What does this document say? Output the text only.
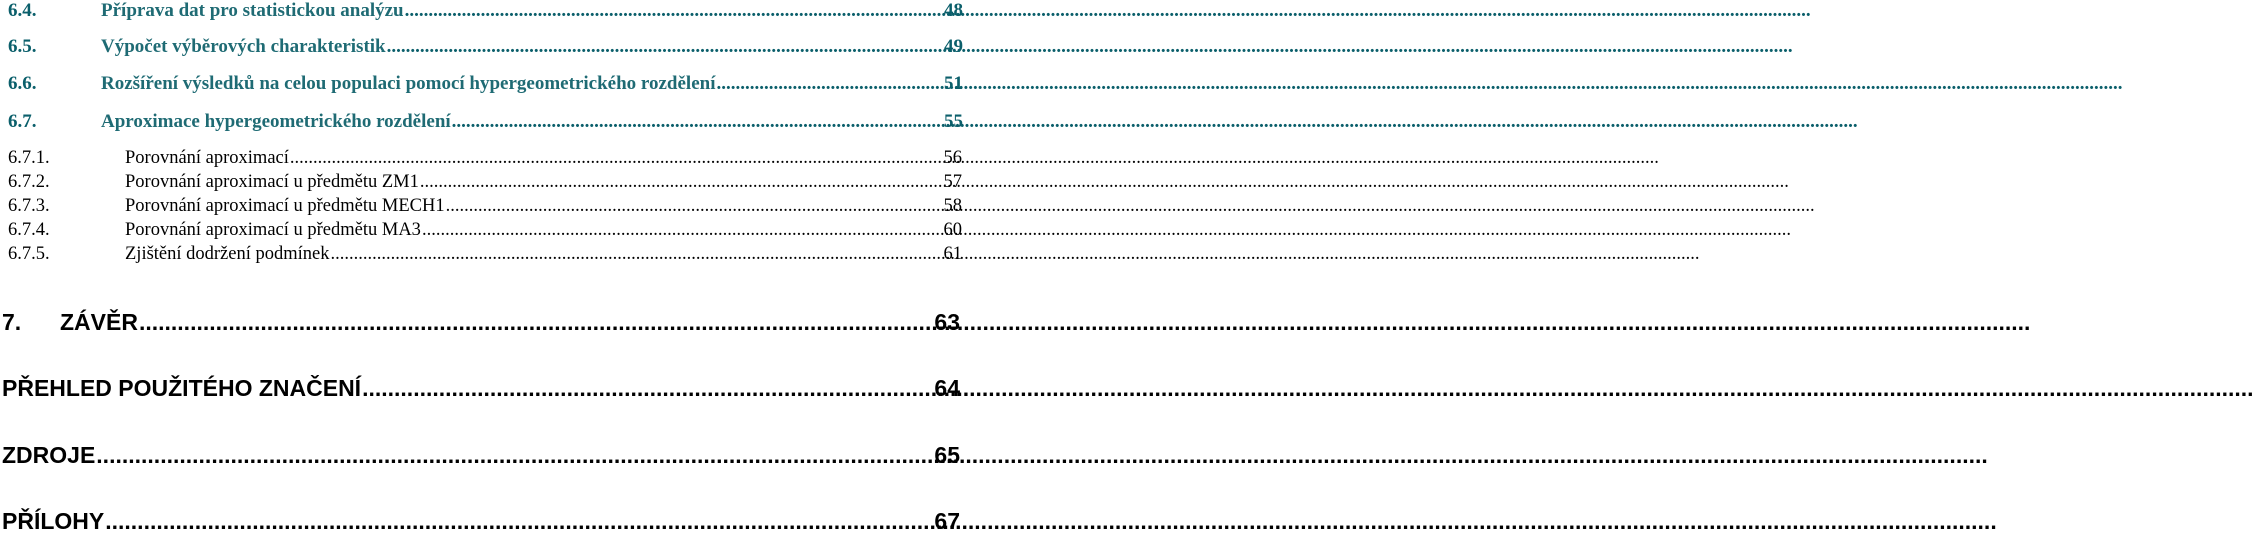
6.4.	Příprava dat pro statistickou analýzu .....	48
6.5.	Výpočet výběrových charakteristik .....	49
6.6.	Rozšíření výsledků na celou populaci pomocí hypergeometrického rozdělení .....	51
6.7.	Aproximace hypergeometrického rozdělení .....	55
6.7.1.	Porovnání aproximací .....	56
6.7.2.	Porovnání aproximací u předmětu ZM1 .....	57
6.7.3.	Porovnání aproximací u předmětu MECH1 .....	58
6.7.4.	Porovnání aproximací u předmětu MA3 .....	60
6.7.5.	Zjištění dodržení podmínek .....	61
7.	ZÁVĚR .....	63
PŘEHLED POUŽITÉHO ZNAČENÍ .....	64
ZDROJE .....	65
PŘÍLOHY .....	67
